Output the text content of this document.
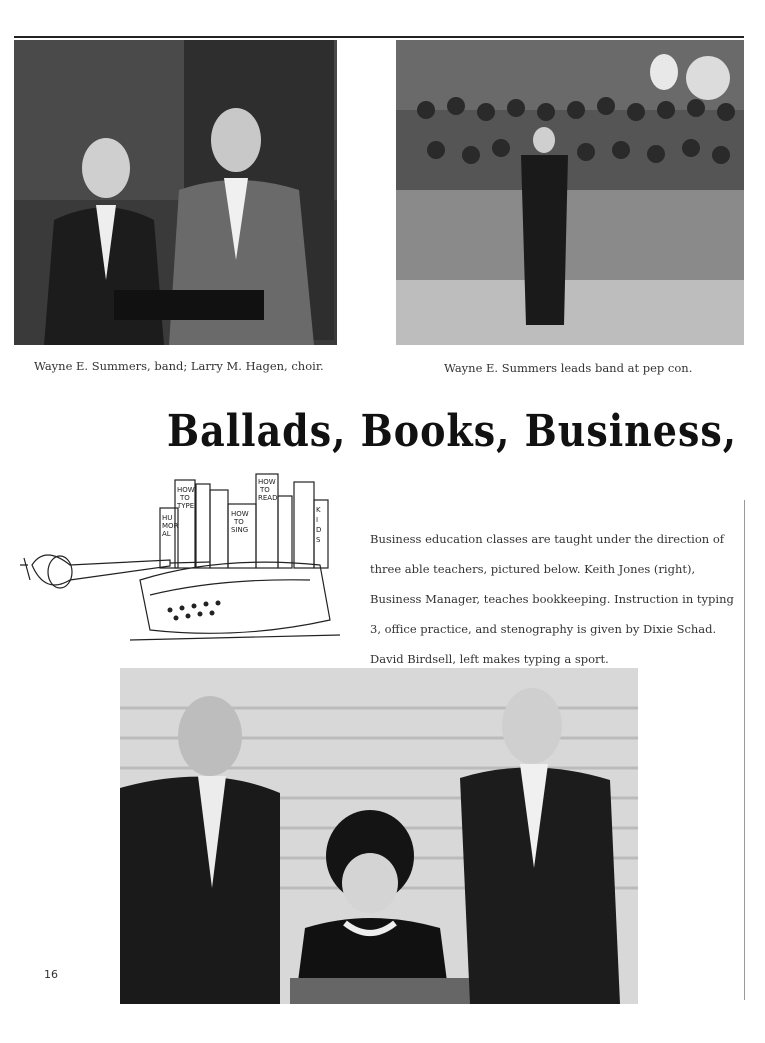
Wayne E. Summers, band; Larry M. Hagen, choir.	Wayne E. Summers leads band at pep con.
Ballads, Books, Business,
HOW
TO
TYPE
HOW
TO
SING
HOW
TO
READ
HU
MOR
AL
K
I
D
S	Business education classes are taught under the direction of

three able teachers, pictured below. Keith Jones (right),

Business Manager, teaches bookkeeping. Instruction in typing

3, office practice, and stenography is given by Dixie Schad.

David Birdsell, left makes typing a sport.

16
